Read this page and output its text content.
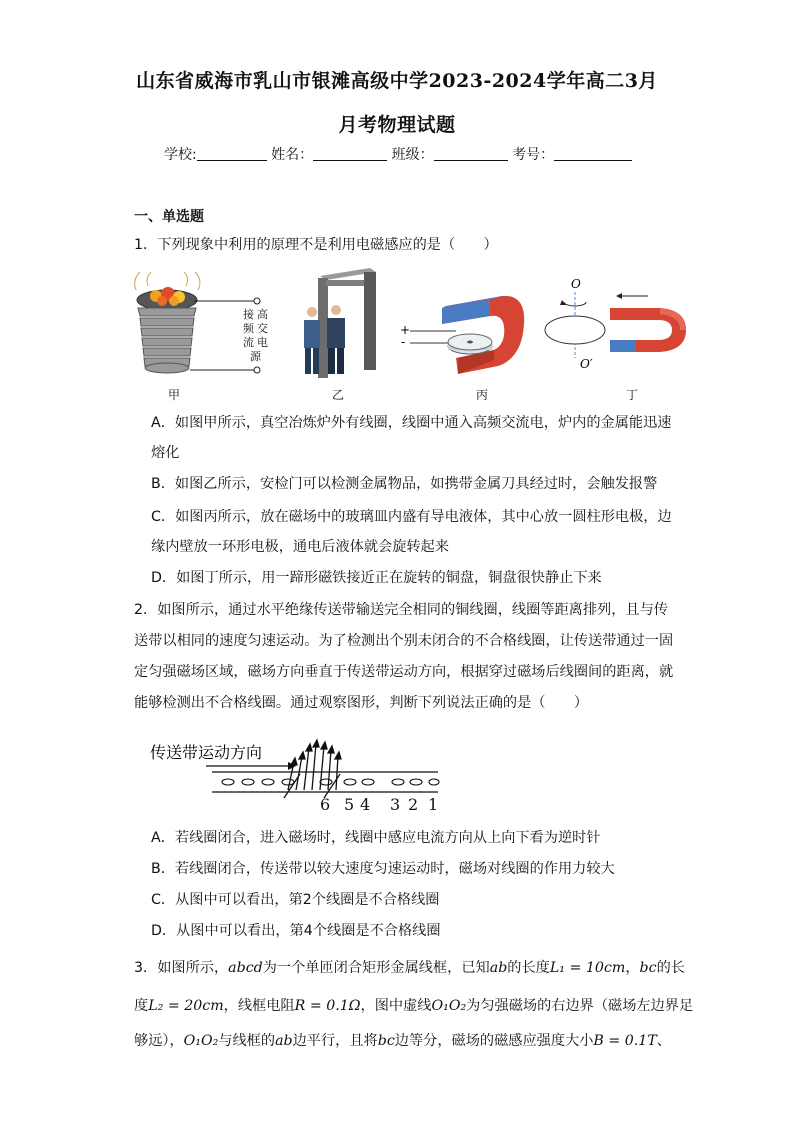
山东省威海市乳山市银滩高级中学2023-2024学年高二3月
月考物理试题
学校:	姓名：	班级：	考号：
一、单选题
1．下列现象中利用的原理不是利用电磁感应的是（　　）
接 高
频 交
流 电
源
+
-
O
O′
甲	乙	丙	丁
A．如图甲所示，真空冶炼炉外有线圈，线圈中通入高频交流电，炉内的金属能迅速
熔化
B．如图乙所示，安检门可以检测金属物品，如携带金属刀具经过时，会触发报警
C．如图丙所示，放在磁场中的玻璃皿内盛有导电液体，其中心放一圆柱形电极，边
缘内壁放一环形电极，通电后液体就会旋转起来
D．如图丁所示，用一蹄形磁铁接近正在旋转的铜盘，铜盘很快静止下来
2．如图所示，通过水平绝缘传送带输送完全相同的铜线圈，线圈等距离排列，且与传
送带以相同的速度匀速运动。为了检测出个别未闭合的不合格线圈，让传送带通过一固
定匀强磁场区域，磁场方向垂直于传送带运动方向，根据穿过磁场后线圈间的距离，就
能够检测出不合格线圈。通过观察图形，判断下列说法正确的是（　　）
传送带运动方向
6 5 4 3 2 1
A．若线圈闭合，进入磁场时，线圈中感应电流方向从上向下看为逆时针
B．若线圈闭合，传送带以较大速度匀速运动时，磁场对线圈的作用力较大
C．从图中可以看出，第2个线圈是不合格线圈
D．从图中可以看出，第4个线圈是不合格线圈
3．如图所示，abcd为一个单匝闭合矩形金属线框，已知ab的长度L₁ = 10cm，bc的长
度L₂ = 20cm，线框电阻R = 0.1Ω，图中虚线O₁O₂为匀强磁场的右边界（磁场左边界足
够远），O₁O₂与线框的ab边平行，且将bc边等分，磁场的磁感应强度大小B = 0.1T、
